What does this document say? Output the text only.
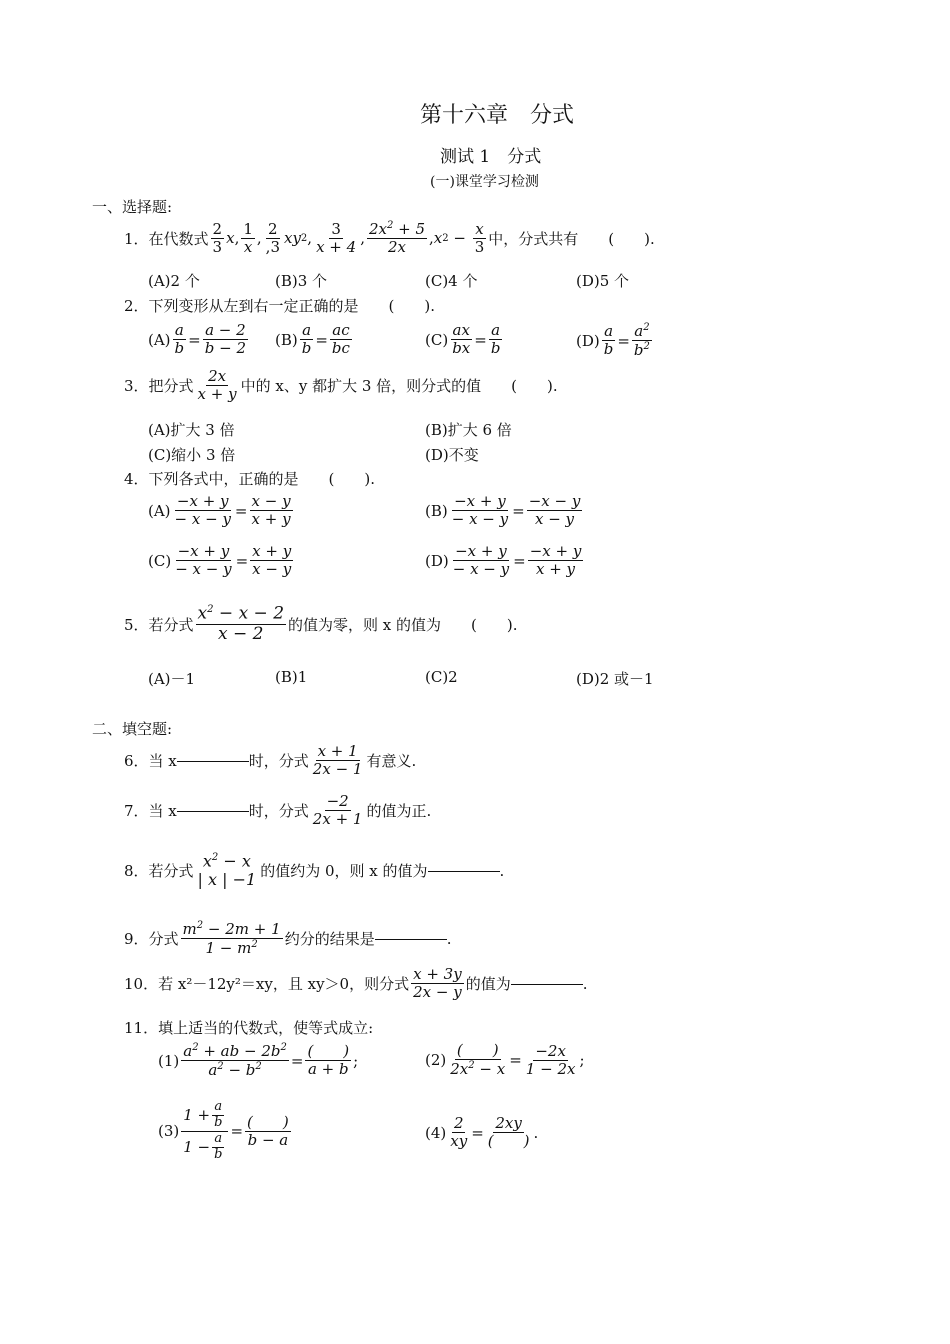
第十六章　分式
测试 1　分式
(一)课堂学习检测
一、选择题:
1．在代数式 $\frac{2}{3}$ x , $\frac{1}{x}$ , $\frac{2}{,3}$ xy 2 , $\frac{3}{x + 4}$ , $\frac{2x^2 + 5}{2x}$ , x $2 - \frac{x}{3}$ 中，分式共有　　(　　).
(A)2 个	(B)3 个	(C)4 个	(D)5 个
2．下列变形从左到右一定正确的是　　(　　).
$(A) \frac{a}{b} = \frac{a - 2}{b - 2} (B) \frac{a}{b} = \frac{ac}{bc}$	$(C) \frac{ax}{bx} = \frac{a}{b}$	$(D) \frac{a}{b} = \frac{a^2}{b^2}$
3．把分式 $\frac{2x}{x + y}$ 中的 x、y 都扩大 3 倍，则分式的值　　(　　).
(A)扩大 3 倍	(B)扩大 6 倍
(C)缩小 3 倍	(D)不变
4．下列各式中，正确的是　　(　　).
$(A) \frac{-x + y}{- x - y} = \frac{x - y}{x + y}$	$(B) \frac{-x + y}{- x - y} = \frac{-x - y}{x - y}$
$(C) \frac{-x + y}{- x - y} = \frac{x + y}{x - y}$	$(D) \frac{-x + y}{- x - y} = \frac{-x + y}{x + y}$
5．若分式 $\frac{x^2 - x - 2}{x - 2}$ 的值为零，则 x 的值为　　(　　).
(A)－1	(B)1	(C)2	(D)2 或－1
二、填空题:
6．当 x	时，分式 $\frac{x + 1}{2x - 1}$ 有意义.
7．当 x	时，分式 $\frac{-2}{2x + 1}$ 的值为正.
8．若分式
$x^2 - x$
| x | −1 的值约为 0，则 x 的值为	.
9．分式 $\frac{m^2 - 2m + 1}{1 - m^2}$ 约分的结果是	.
10．若 x²－12y²＝xy，且 xy＞0，则分式 $\frac{x + 3y}{2x - y}$ 的值为	.
11．填上适当的代数式，使等式成立:
$(1) \frac{a^2 + ab - 2b^2}{a^2 - b^2} = \frac{( )}{a + b}$ ;	$(2) \frac{( )}{2x^2 - x} = \frac{-2x}{1 - 2x}$ ;
$(3) \frac{1 + \frac{a}{b}}{1 - \frac{a}{b}} = \frac{( )}{b - a}$	$(4) \frac{2}{xy} = \frac{2xy}{( )}$ .
